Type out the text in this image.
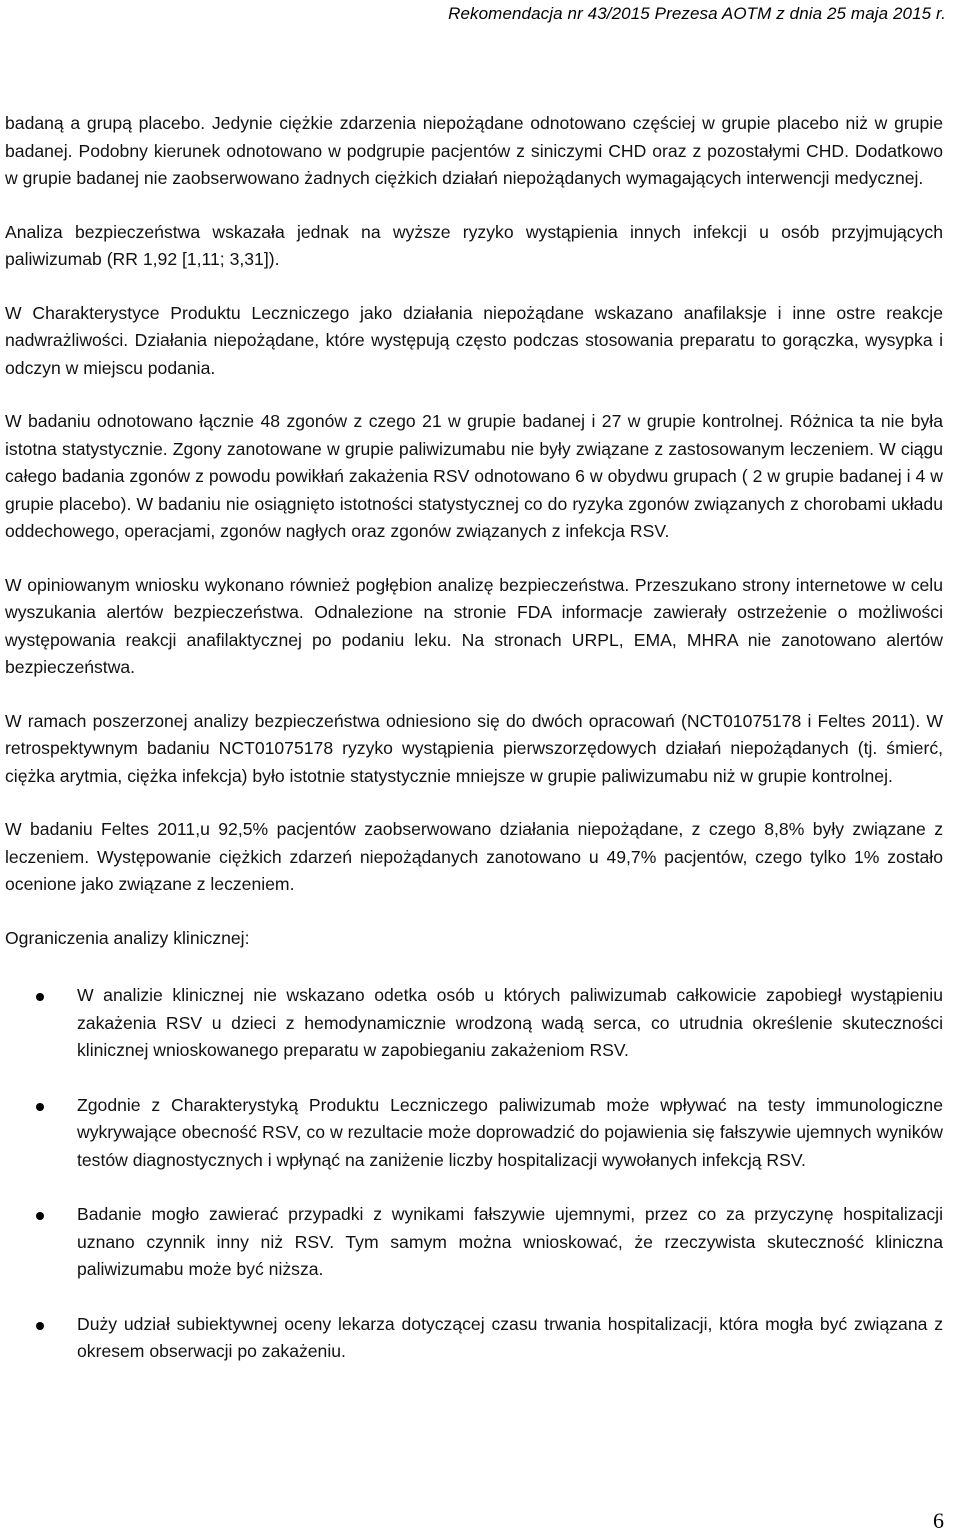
Rekomendacja nr 43/2015 Prezesa AOTM z dnia 25 maja 2015 r.

badaną a grupą placebo. Jedynie ciężkie zdarzenia niepożądane odnotowano częściej w grupie placebo niż w grupie badanej. Podobny kierunek odnotowano w podgrupie pacjentów z siniczymi CHD oraz z pozostałymi CHD. Dodatkowo w grupie badanej nie zaobserwowano żadnych ciężkich działań niepożądanych wymagających interwencji medycznej.

Analiza bezpieczeństwa wskazała jednak na wyższe ryzyko wystąpienia innych infekcji u osób przyjmujących paliwizumab (RR 1,92 [1,11; 3,31]).

W Charakterystyce Produktu Leczniczego jako działania niepożądane wskazano anafilaksje i inne ostre reakcje nadwrażliwości. Działania niepożądane, które występują często podczas stosowania preparatu to gorączka, wysypka i odczyn w miejscu podania.

W badaniu odnotowano łącznie 48 zgonów z czego 21 w grupie badanej i 27 w grupie kontrolnej. Różnica ta nie była istotna statystycznie. Zgony zanotowane w grupie paliwizumabu nie były związane z zastosowanym leczeniem. W ciągu całego badania zgonów z powodu powikłań zakażenia RSV odnotowano 6 w obydwu grupach ( 2 w grupie badanej i 4 w grupie placebo). W badaniu nie osiągnięto istotności statystycznej co do ryzyka zgonów związanych z chorobami układu oddechowego, operacjami, zgonów nagłych oraz zgonów związanych z infekcja RSV.

W opiniowanym wniosku wykonano również pogłębion analizę bezpieczeństwa. Przeszukano strony internetowe w celu wyszukania alertów bezpieczeństwa. Odnalezione na stronie FDA informacje zawierały ostrzeżenie o możliwości występowania reakcji anafilaktycznej po podaniu leku. Na stronach URPL, EMA, MHRA nie zanotowano alertów bezpieczeństwa.

W ramach poszerzonej analizy bezpieczeństwa odniesiono się do dwóch opracowań (NCT01075178 i Feltes 2011). W retrospektywnym badaniu NCT01075178 ryzyko wystąpienia pierwszorzędowych działań niepożądanych (tj. śmierć, ciężka arytmia, ciężka infekcja) było istotnie statystycznie mniejsze w grupie paliwizumabu niż w grupie kontrolnej.

W badaniu Feltes 2011,u 92,5% pacjentów zaobserwowano działania niepożądane, z czego 8,8% były związane z leczeniem. Występowanie ciężkich zdarzeń niepożądanych zanotowano u 49,7% pacjentów, czego tylko 1% zostało ocenione jako związane z leczeniem.

Ograniczenia analizy klinicznej:

W analizie klinicznej nie wskazano odetka osób u których paliwizumab całkowicie zapobiegł wystąpieniu zakażenia RSV u dzieci z hemodynamicznie wrodzoną wadą serca, co utrudnia określenie skuteczności klinicznej wnioskowanego preparatu w zapobieganiu zakażeniom RSV.
Zgodnie z Charakterystyką Produktu Leczniczego paliwizumab może wpływać na testy immunologiczne wykrywające obecność RSV, co w rezultacie może doprowadzić do pojawienia się fałszywie ujemnych wyników testów diagnostycznych i wpłynąć na zaniżenie liczby hospitalizacji wywołanych infekcją RSV.
Badanie mogło zawierać przypadki z wynikami fałszywie ujemnymi, przez co za przyczynę hospitalizacji uznano czynnik inny niż RSV. Tym samym można wnioskować, że rzeczywista skuteczność kliniczna paliwizumabu może być niższa.
Duży udział subiektywnej oceny lekarza dotyczącej czasu trwania hospitalizacji, która mogła być związana z okresem obserwacji po zakażeniu.
6
